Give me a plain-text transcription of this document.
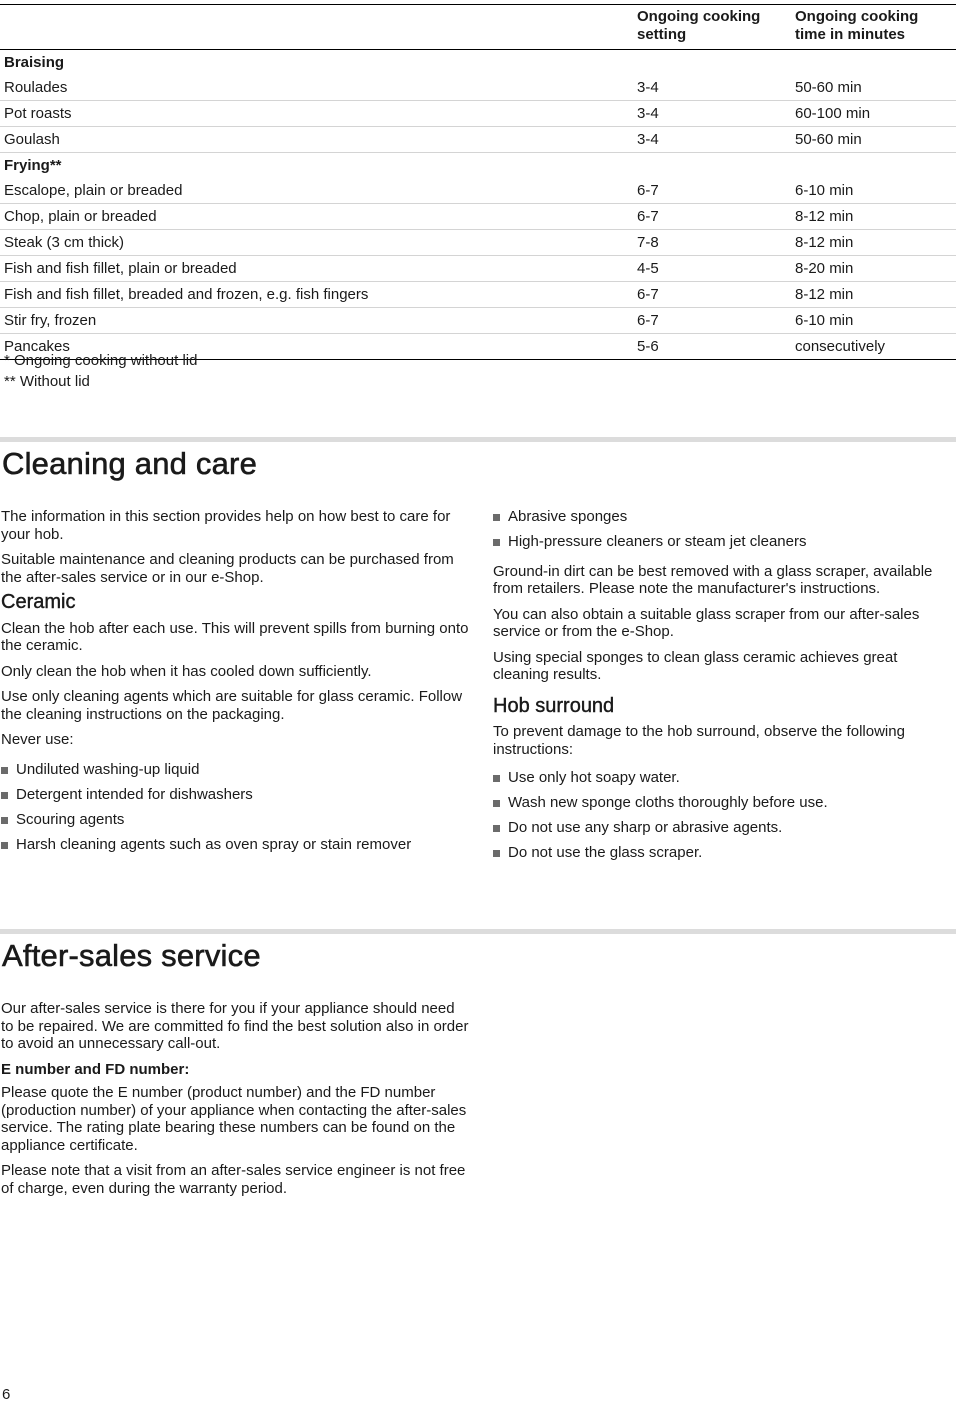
	Ongoing cooking setting	Ongoing cooking time in minutes
Braising		
Roulades	3-4	50-60 min
Pot roasts	3-4	60-100 min
Goulash	3-4	50-60 min
Frying**		
Escalope, plain or breaded	6-7	6-10 min
Chop, plain or breaded	6-7	8-12 min
Steak (3 cm thick)	7-8	8-12 min
Fish and fish fillet, plain or breaded	4-5	8-20 min
Fish and fish fillet, breaded and frozen, e.g. fish fingers	6-7	8-12 min
Stir fry, frozen	6-7	6-10 min
Pancakes	5-6	consecutively
* Ongoing cooking without lid
** Without lid
Cleaning and care

The information in this section provides help on how best to care for your hob.

Suitable maintenance and cleaning products can be purchased from the after-sales service or in our e-Shop.

Ceramic

Clean the hob after each use. This will prevent spills from burning onto the ceramic.

Only clean the hob when it has cooled down sufficiently.

Use only cleaning agents which are suitable for glass ceramic. Follow the cleaning instructions on the packaging.

Never use:

Undiluted washing-up liquid
Detergent intended for dishwashers
Scouring agents
Harsh cleaning agents such as oven spray or stain remover
Abrasive sponges
High-pressure cleaners or steam jet cleaners

Ground-in dirt can be best removed with a glass scraper, available from retailers. Please note the manufacturer's instructions.

You can also obtain a suitable glass scraper from our after-sales service or from the e-Shop.

Using special sponges to clean glass ceramic achieves great cleaning results.

Hob surround

To prevent damage to the hob surround, observe the following instructions:

Use only hot soapy water.
Wash new sponge cloths thoroughly before use.
Do not use any sharp or abrasive agents.
Do not use the glass scraper.
After-sales service

Our after-sales service is there for you if your appliance should need to be repaired. We are committed fo find the best solution also in order to avoid an unnecessary call-out.

E number and FD number:

Please quote the E number (product number) and the FD number (production number) of your appliance when contacting the after-sales service. The rating plate bearing these numbers can be found on the appliance certificate.

Please note that a visit from an after-sales service engineer is not free of charge, even during the warranty period.

6
